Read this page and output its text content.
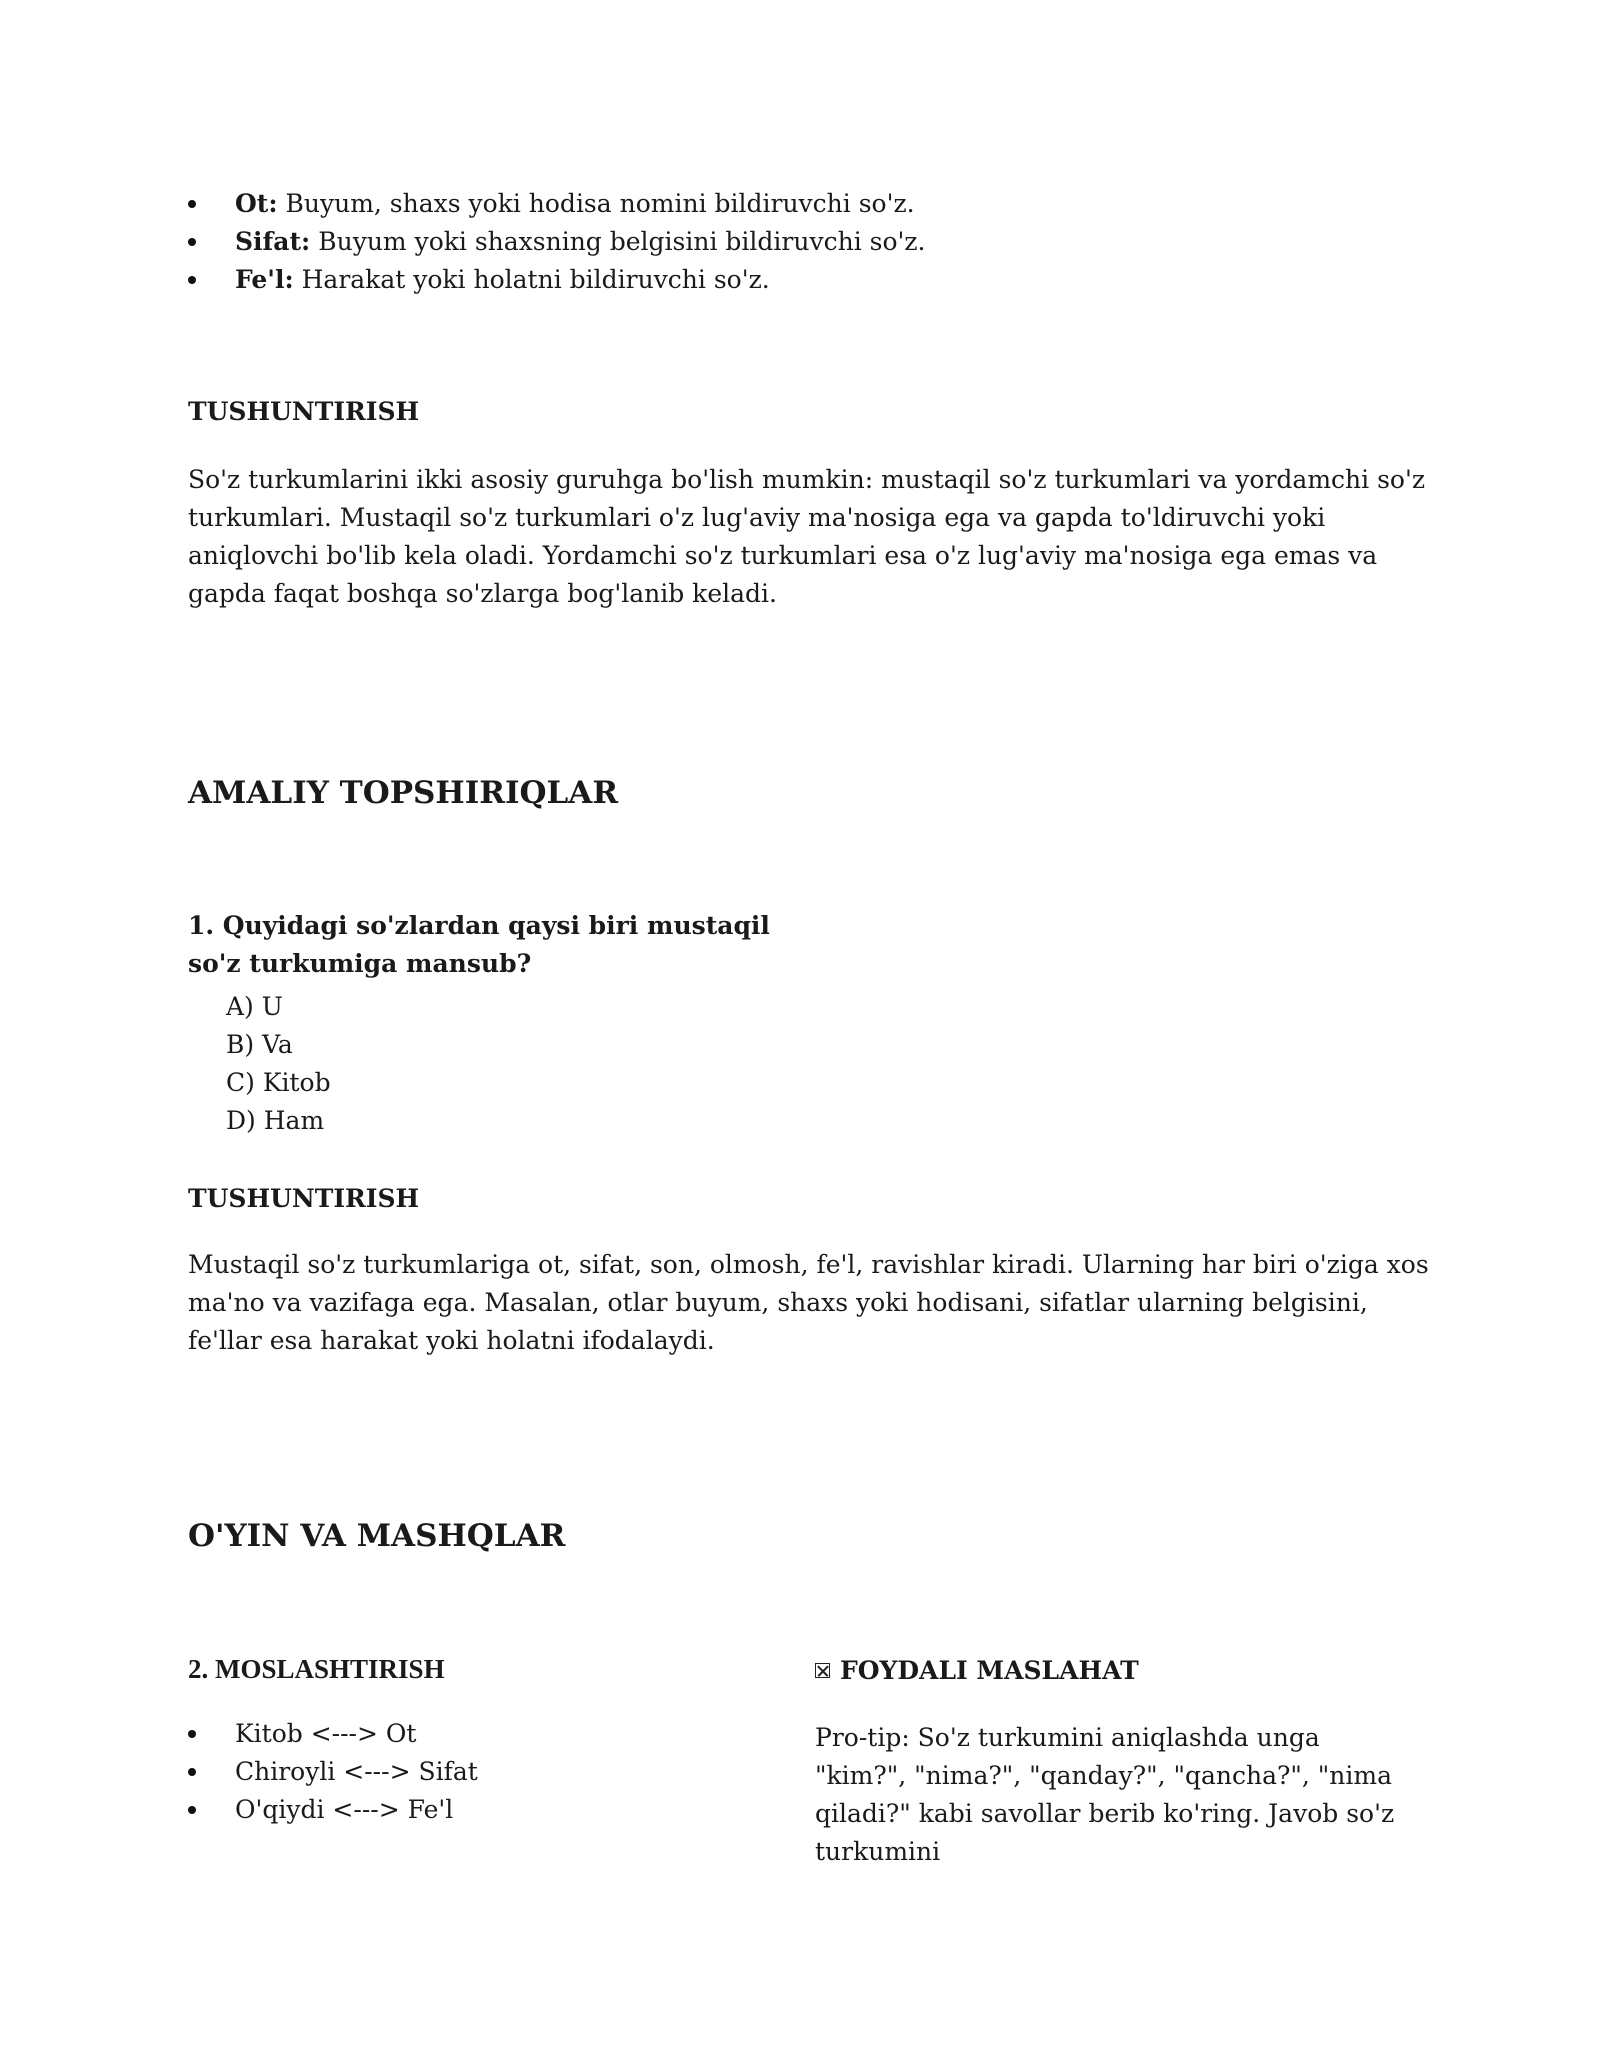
Ot: Buyum, shaxs yoki hodisa nomini bildiruvchi so'z.
Sifat: Buyum yoki shaxsning belgisini bildiruvchi so'z.
Fe'l: Harakat yoki holatni bildiruvchi so'z.
TUSHUNTIRISH

So'z turkumlarini ikki asosiy guruhga bo'lish mumkin: mustaqil so'z turkumlari va yordamchi so'z turkumlari. Mustaqil so'z turkumlari o'z lug'aviy ma'nosiga ega va gapda to'ldiruvchi yoki aniqlovchi bo'lib kela oladi. Yordamchi so'z turkumlari esa o'z lug'aviy ma'nosiga ega emas va gapda faqat boshqa so'zlarga bog'lanib keladi.

AMALIY TOPSHIRIQLAR

1. Quyidagi so'zlardan qaysi biri mustaqil
so'z turkumiga mansub?

A) U
B) Va
C) Kitob
D) Ham
TUSHUNTIRISH

Mustaqil so'z turkumlariga ot, sifat, son, olmosh, fe'l, ravishlar kiradi. Ularning har biri o'ziga xos ma'no va vazifaga ega. Masalan, otlar buyum, shaxs yoki hodisani, sifatlar ularning belgisini, fe'llar esa harakat yoki holatni ifodalaydi.

O'YIN VA MASHQLAR
2. MOSLASHTIRISH
Kitob <---> Ot
Chiroyli <---> Sifat
O'qiydi <---> Fe'l
FOYDALI MASLAHAT

Pro-tip: So'z turkumini aniqlashda unga "kim?", "nima?", "qanday?", "qancha?", "nima qiladi?" kabi savollar berib ko'ring. Javob so'z turkumini
